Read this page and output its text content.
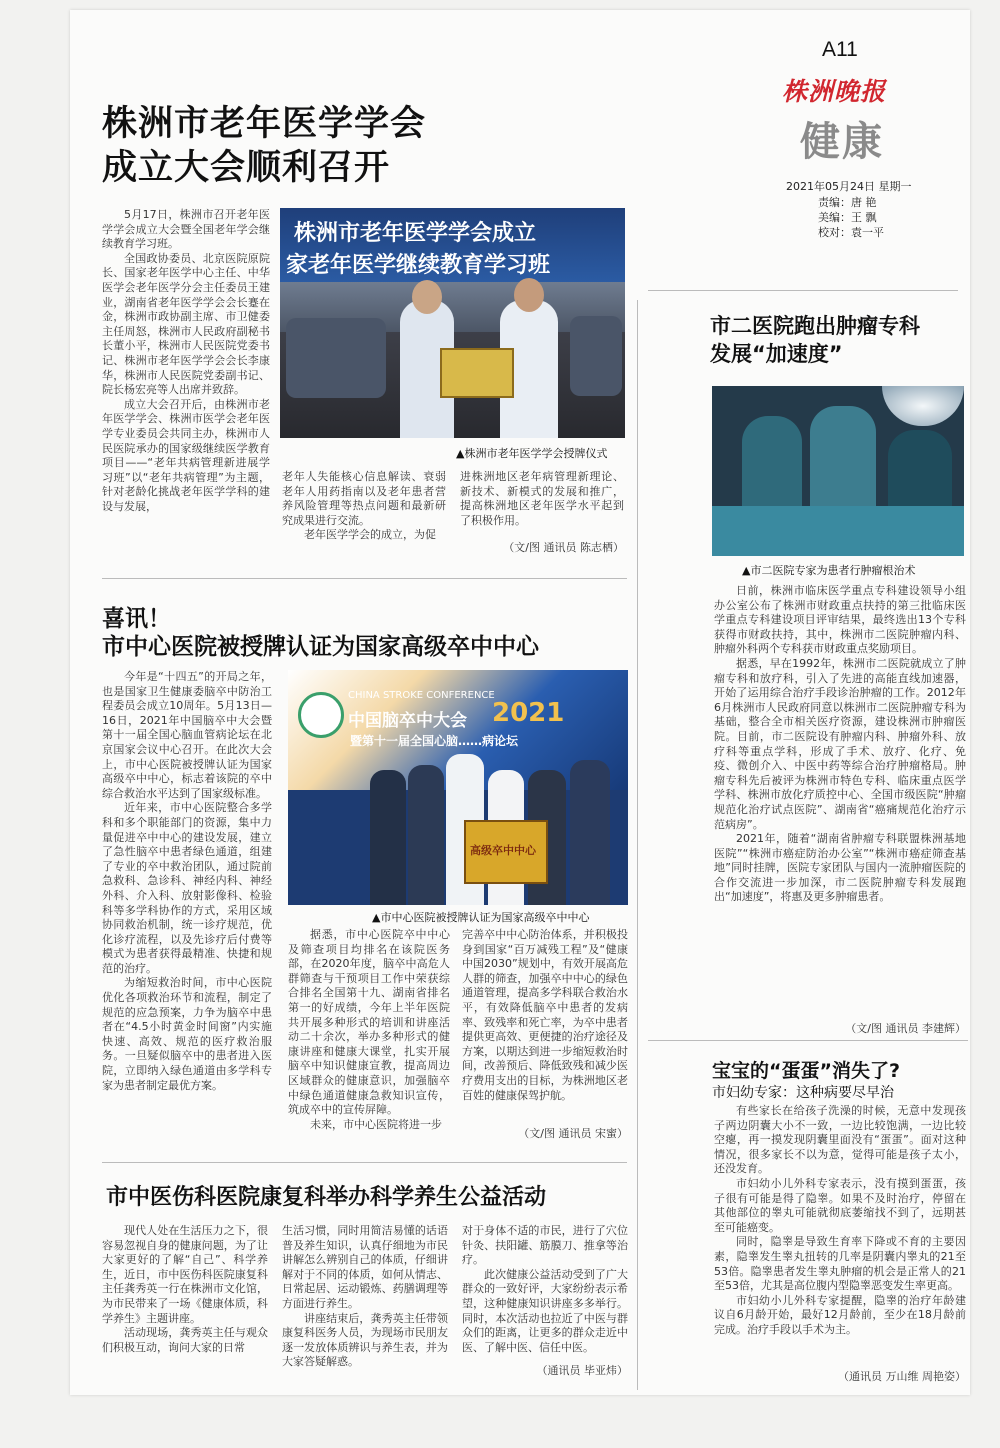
A11
株洲晚报
健康
2021年05月24日 星期一
责编：唐 艳
美编：王 飘
校对：袁一平
株洲市老年医学学会
成立大会顺利召开

5月17日，株洲市召开老年医学学会成立大会暨全国老年学会继续教育学习班。

全国政协委员、北京医院原院长、国家老年医学中心主任、中华医学会老年医学分会主任委员王建业，湖南省老年医学学会会长蹇在金，株洲市政协副主席、市卫健委主任周怒，株洲市人民政府副秘书长董小平，株洲市人民医院党委书记、株洲市老年医学学会会长李康华，株洲市人民医院党委副书记、院长杨宏亮等人出席并致辞。

成立大会召开后，由株洲市老年医学学会、株洲市医学会老年医学专业委员会共同主办，株洲市人民医院承办的国家级继续医学教育项目——“老年共病管理新进展学习班”以“老年共病管理”为主题，针对老龄化挑战老年医学学科的建设与发展，

株洲市老年医学学会成立
家老年医学继续教育学习班
▲株洲市老年医学学会授牌仪式

老年人失能核心信息解读、衰弱老年人用药指南以及老年患者营养风险管理等热点问题和最新研究成果进行交流。

老年医学学会的成立，为促

进株洲地区老年病管理新理论、新技术、新模式的发展和推广，提高株洲地区老年医学水平起到了积极作用。

（文/图 通讯员 陈志栖）
喜讯！
市中心医院被授牌认证为国家高级卒中中心

今年是“十四五”的开局之年，也是国家卫生健康委脑卒中防治工程委员会成立10周年。5月13日—16日，2021年中国脑卒中大会暨第十一届全国心脑血管病论坛在北京国家会议中心召开。在此次大会上，市中心医院被授牌认证为国家高级卒中中心，标志着该院的卒中综合救治水平达到了国家级标准。

近年来，市中心医院整合多学科和多个职能部门的资源，集中力量促进卒中中心的建设发展，建立了急性脑卒中患者绿色通道，组建了专业的卒中救治团队，通过院前急救科、急诊科、神经内科、神经外科、介入科、放射影像科、检验科等多学科协作的方式，采用区域协同救治机制，统一诊疗规范，优化诊疗流程，以及先诊疗后付费等模式为患者获得最精准、快捷和规范的治疗。

为缩短救治时间，市中心医院优化各项救治环节和流程，制定了规范的应急预案，力争为脑卒中患者在“4.5小时黄金时间窗”内实施快速、高效、规范的医疗救治服务。一旦疑似脑卒中的患者进入医院，立即纳入绿色通道由多学科专家为患者制定最优方案。

CHINA STROKE CONFERENCE
中国脑卒中大会 2021
暨第十一届全国心脑……病论坛
高级卒中中心
▲市中心医院被授牌认证为国家高级卒中中心

据悉，市中心医院卒中中心及筛查项目均排名在该院医务部，在2020年度，脑卒中高危人群筛查与干预项目工作中荣获综合排名全国第十九、湖南省排名第一的好成绩，今年上半年医院共开展多种形式的培训和讲座活动二十余次，举办多种形式的健康讲座和健康大课堂，扎实开展脑卒中知识健康宣教，提高周边区域群众的健康意识，加强脑卒中绿色通道健康急救知识宣传，筑成卒中的宣传屏障。

未来，市中心医院将进一步

完善卒中中心防治体系，并积极投身到国家“百万减残工程”及“健康中国2030”规划中，有效开展高危人群的筛查，加强卒中中心的绿色通道管理，提高多学科联合救治水平，有效降低脑卒中患者的发病率、致残率和死亡率，为卒中患者提供更高效、更便捷的治疗途径及方案，以期达到进一步缩短救治时间，改善预后、降低致残和减少医疗费用支出的目标，为株洲地区老百姓的健康保驾护航。

（文/图 通讯员 宋蜜）
市中医伤科医院康复科举办科学养生公益活动

现代人处在生活压力之下，很容易忽视自身的健康问题，为了让大家更好的了解“自己”、科学养生，近日，市中医伤科医院康复科主任龚秀英一行在株洲市文化馆，为市民带来了一场《健康体质，科学养生》主题讲座。

活动现场，龚秀英主任与观众们积极互动，询问大家的日常

生活习惯，同时用简洁易懂的话语普及养生知识，认真仔细地为市民讲解怎么辨别自己的体质，仔细讲解对于不同的体质，如何从情志、日常起居、运动锻炼、药膳调理等方面进行养生。

讲座结束后，龚秀英主任带领康复科医务人员，为现场市民朋友逐一发放体质辨识与养生表，并为大家答疑解惑。

对于身体不适的市民，进行了穴位针灸、扶阳罐、筋膜刀、推拿等治疗。

此次健康公益活动受到了广大群众的一致好评，大家纷纷表示希望，这种健康知识讲座多多举行。同时，本次活动也拉近了中医与群众们的距离，让更多的群众走近中医、了解中医、信任中医。

（通讯员 毕亚炜）
市二医院跑出肿瘤专科
发展“加速度”
▲市二医院专家为患者行肿瘤根治术

日前，株洲市临床医学重点专科建设领导小组办公室公布了株洲市财政重点扶持的第三批临床医学重点专科建设项目评审结果，最终选出13个专科获得市财政扶持，其中，株洲市二医院肿瘤内科、肿瘤外科两个专科获市财政重点奖励项目。

据悉，早在1992年，株洲市二医院就成立了肿瘤专科和放疗科，引入了先进的高能直线加速器，开始了运用综合治疗手段诊治肿瘤的工作。2012年6月株洲市人民政府同意以株洲市二医院肿瘤专科为基础，整合全市相关医疗资源，建设株洲市肿瘤医院。目前，市二医院设有肿瘤内科、肿瘤外科、放疗科等重点学科，形成了手术、放疗、化疗、免疫、微创介入、中医中药等综合治疗肿瘤格局。肿瘤专科先后被评为株洲市特色专科、临床重点医学学科、株洲市放化疗质控中心、全国市级医院“肿瘤规范化治疗试点医院”、湖南省“癌痛规范化治疗示范病房”。

2021年，随着“湖南省肿瘤专科联盟株洲基地医院”“株洲市癌症防治办公室”“株洲市癌症筛查基地”同时挂牌，医院专家团队与国内一流肿瘤医院的合作交流进一步加深，市二医院肿瘤专科发展跑出“加速度”，将惠及更多肿瘤患者。

（文/图 通讯员 李建辉）
宝宝的“蛋蛋”消失了?
市妇幼专家：这种病要尽早治

有些家长在给孩子洗澡的时候，无意中发现孩子两边阴囊大小不一致，一边比较饱满，一边比较空瘪，再一摸发现阴囊里面没有“蛋蛋”。面对这种情况，很多家长不以为意，觉得可能是孩子太小，还没发育。

市妇幼小儿外科专家表示，没有摸到蛋蛋，孩子很有可能是得了隐睾。如果不及时治疗，停留在其他部位的睾丸可能就彻底萎缩找不到了，远期甚至可能癌变。

同时，隐睾是导致生育率下降或不育的主要因素，隐睾发生睾丸扭转的几率是阴囊内睾丸的21至53倍。隐睾患者发生睾丸肿瘤的机会是正常人的21至53倍，尤其是高位腹内型隐睾恶变发生率更高。

市妇幼小儿外科专家提醒，隐睾的治疗年龄建议自6月龄开始，最好12月龄前，至少在18月龄前完成。治疗手段以手术为主。

（通讯员 万山维 周艳姿）
